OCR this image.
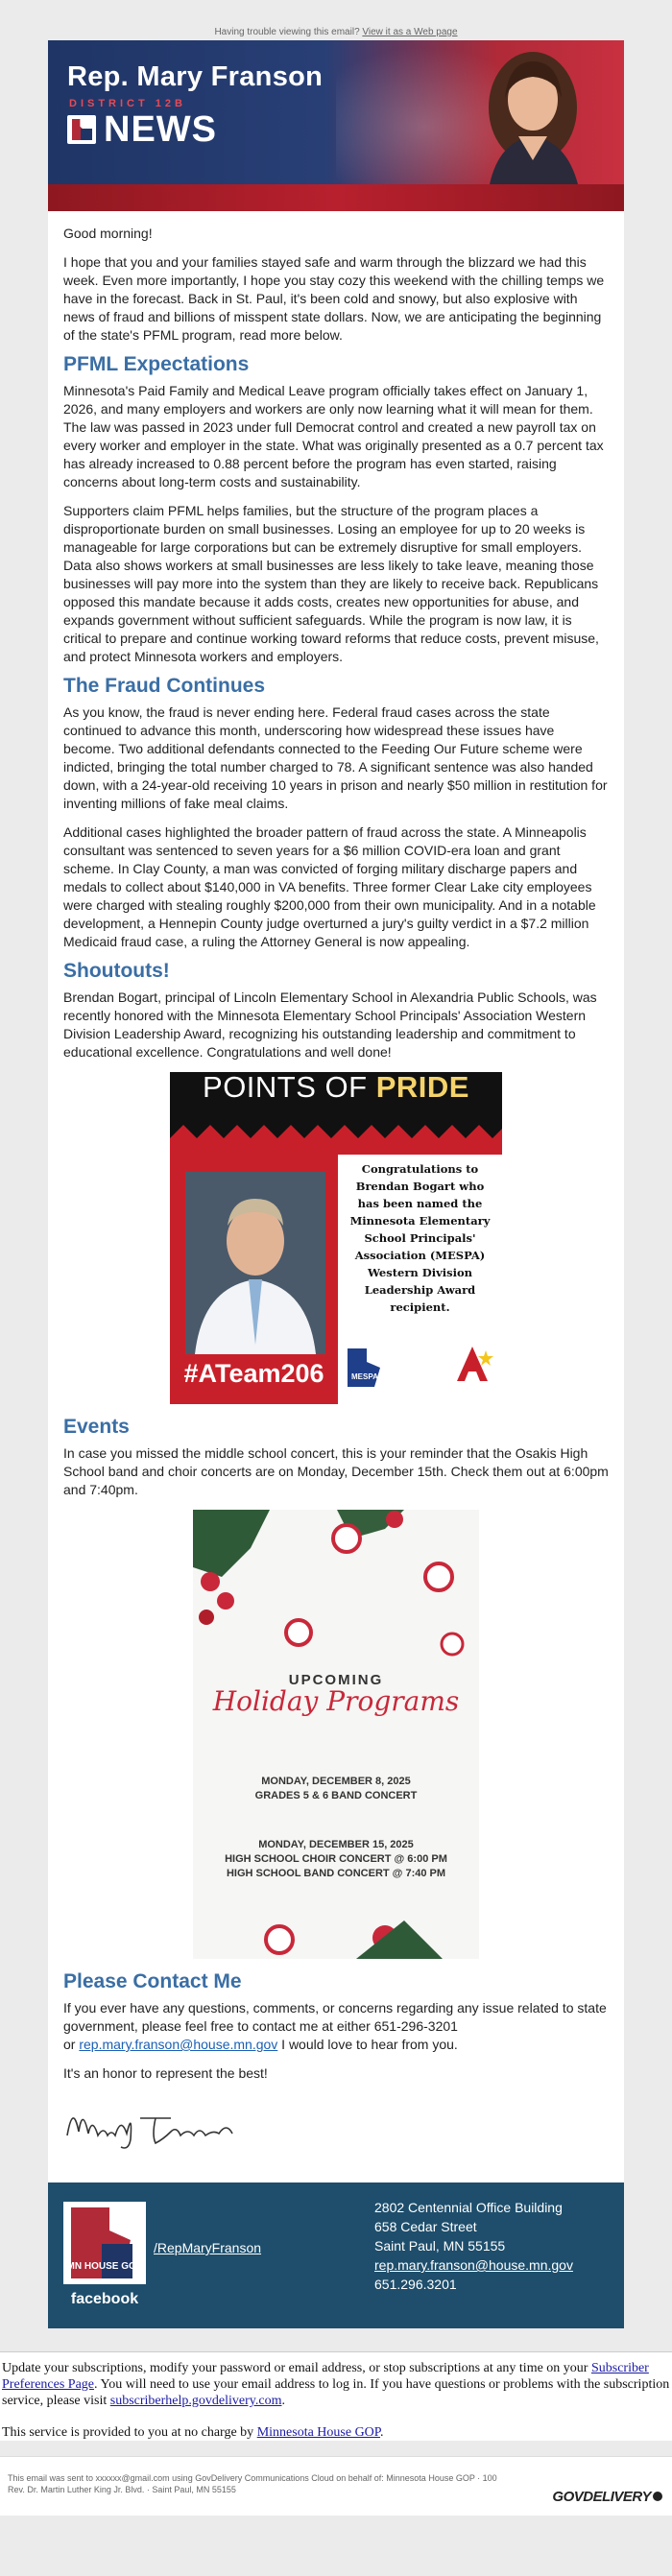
Having trouble viewing this email? View it as a Web page
Rep. Mary Franson
DISTRICT 12B
NEWS

Good morning!

I hope that you and your families stayed safe and warm through the blizzard we had this week. Even more importantly, I hope you stay cozy this weekend with the chilling temps we have in the forecast. Back in St. Paul, it's been cold and snowy, but also explosive with news of fraud and billions of misspent state dollars. Now, we are anticipating the beginning of the state's PFML program, read more below.

PFML Expectations

Minnesota's Paid Family and Medical Leave program officially takes effect on January 1, 2026, and many employers and workers are only now learning what it will mean for them. The law was passed in 2023 under full Democrat control and created a new payroll tax on every worker and employer in the state. What was originally presented as a 0.7 percent tax has already increased to 0.88 percent before the program has even started, raising concerns about long-term costs and sustainability.

Supporters claim PFML helps families, but the structure of the program places a disproportionate burden on small businesses. Losing an employee for up to 20 weeks is manageable for large corporations but can be extremely disruptive for small employers. Data also shows workers at small businesses are less likely to take leave, meaning those businesses will pay more into the system than they are likely to receive back. Republicans opposed this mandate because it adds costs, creates new opportunities for abuse, and expands government without sufficient safeguards. While the program is now law, it is critical to prepare and continue working toward reforms that reduce costs, prevent misuse, and protect Minnesota workers and employers.

The Fraud Continues

As you know, the fraud is never ending here. Federal fraud cases across the state continued to advance this month, underscoring how widespread these issues have become. Two additional defendants connected to the Feeding Our Future scheme were indicted, bringing the total number charged to 78. A significant sentence was also handed down, with a 24-year-old receiving 10 years in prison and nearly $50 million in restitution for inventing millions of fake meal claims.

Additional cases highlighted the broader pattern of fraud across the state. A Minneapolis consultant was sentenced to seven years for a $6 million COVID-era loan and grant scheme. In Clay County, a man was convicted of forging military discharge papers and medals to collect about $140,000 in VA benefits. Three former Clear Lake city employees were charged with stealing roughly $200,000 from their own municipality. And in a notable development, a Hennepin County judge overturned a jury's guilty verdict in a $7.2 million Medicaid fraud case, a ruling the Attorney General is now appealing.

Shoutouts!

Brendan Bogart, principal of Lincoln Elementary School in Alexandria Public Schools, was recently honored with the Minnesota Elementary School Principals' Association Western Division Leadership Award, recognizing his outstanding leadership and commitment to educational excellence. Congratulations and well done!

POINTS OF PRIDE
#ATeam206
Congratulations to Brendan Bogart who has been named the Minnesota Elementary School Principals' Association (MESPA) Western Division Leadership Award recipient.
MESPA
Events

In case you missed the middle school concert, this is your reminder that the Osakis High School band and choir concerts are on Monday, December 15th. Check them out at 6:00pm and 7:40pm.

UPCOMING
Holiday Programs
MONDAY, DECEMBER 8, 2025
GRADES 5 & 6 BAND CONCERT
MONDAY, DECEMBER 15, 2025
HIGH SCHOOL CHOIR CONCERT @ 6:00 PM
HIGH SCHOOL BAND CONCERT @ 7:40 PM
Please Contact Me

If you ever have any questions, comments, or concerns regarding any issue related to state government, please feel free to contact me at either 651-296-3201
or rep.mary.franson@house.mn.gov I would love to hear from you.

It's an honor to represent the best!

MN HOUSE GOP
facebook
/RepMaryFranson
2802 Centennial Office Building
658 Cedar Street
Saint Paul, MN 55155
rep.mary.franson@house.mn.gov
651.296.3201

Update your subscriptions, modify your password or email address, or stop subscriptions at any time on your Subscriber Preferences Page. You will need to use your email address to log in. If you have questions or problems with the subscription service, please visit subscriberhelp.govdelivery.com.

This service is provided to you at no charge by Minnesota House GOP.

This email was sent to xxxxxx@gmail.com using GovDelivery Communications Cloud on behalf of: Minnesota House GOP · 100
Rev. Dr. Martin Luther King Jr. Blvd. · Saint Paul, MN 55155	GOVDELIVERY
